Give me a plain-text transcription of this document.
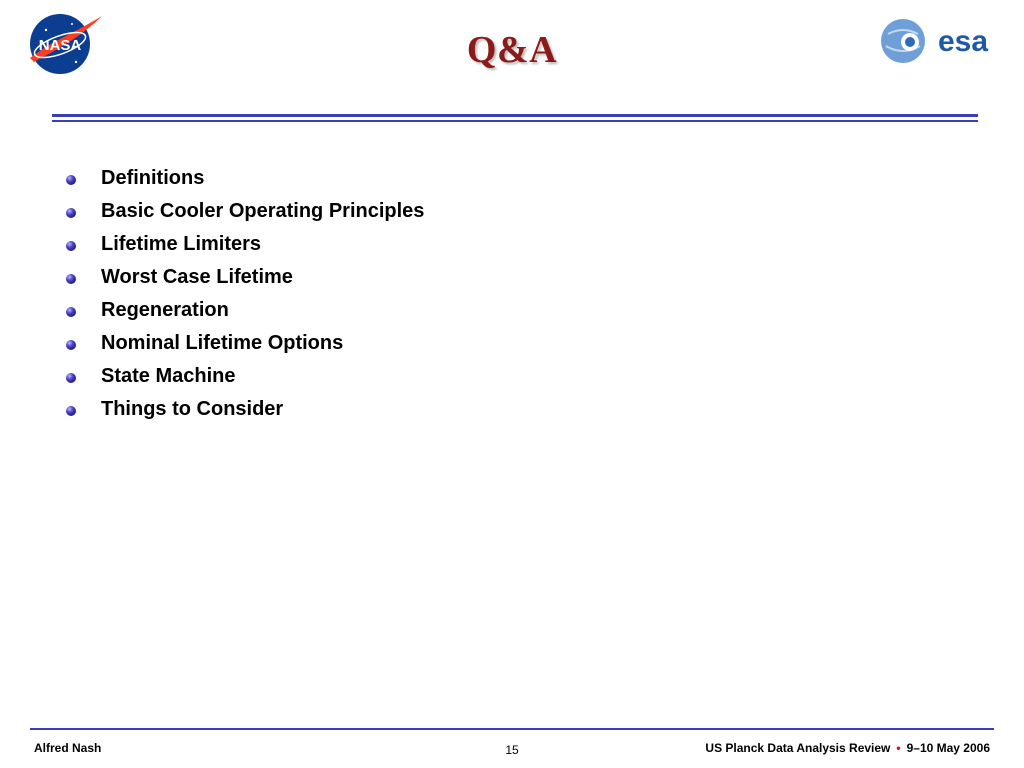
NASA	Q&A	esa
Definitions
Basic Cooler Operating Principles
Lifetime Limiters
Worst Case Lifetime
Regeneration
Nominal Lifetime Options
State Machine
Things to Consider
Alfred Nash	15	US Planck Data Analysis Review • 9–10 May 2006
